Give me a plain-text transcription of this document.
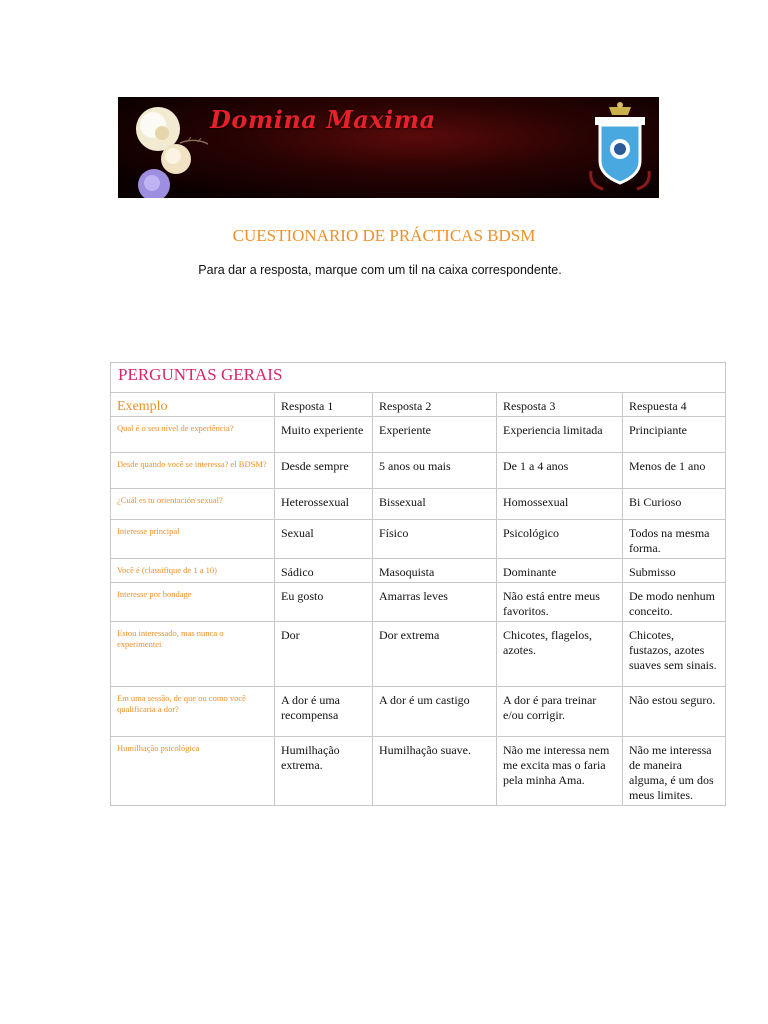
Domina Maxima
CUESTIONARIO DE PRÁCTICAS BDSM
Para dar a resposta, marque com um til na caixa correspondente.
PERGUNTAS GERAIS				
Exemplo	Resposta 1	Resposta 2	Resposta 3	Respuesta 4
Qual é o seu nível de experiência?	Muito experiente	Experiente	Experiencia limitada	Principiante
Desde quando você se interessa? el BDSM?	Desde sempre	5 anos ou mais	De 1 a 4 anos	Menos de 1 ano
¿Cuál es tu orientación sexual?	Heterossexual	Bissexual	Homossexual	Bi Curioso
Interesse principal	Sexual	Físico	Psicológico	Todos na mesma forma.
Você é (classifique de 1 a 10)	Sádico	Masoquista	Dominante	Submisso
Interesse por bondage	Eu gosto	Amarras leves	Não está entre meus favoritos.	De modo nenhum conceito.
Estou interessado, mas nunca o experimentei	Dor	Dor extrema	Chicotes, flagelos, azotes.	Chicotes, fustazos, azotes suaves sem sinais.
Em uma sessão, de que ou como você qualificaria a dor?	A dor é uma recompensa	A dor é um castigo	A dor é para treinar e/ou corrigir.	Não estou seguro.
Humilhação psicológica	Humilhação extrema.	Humilhação suave.	Não me interessa nem me excita mas o faria pela minha Ama.	Não me interessa de maneira alguma, é um dos meus limites.
